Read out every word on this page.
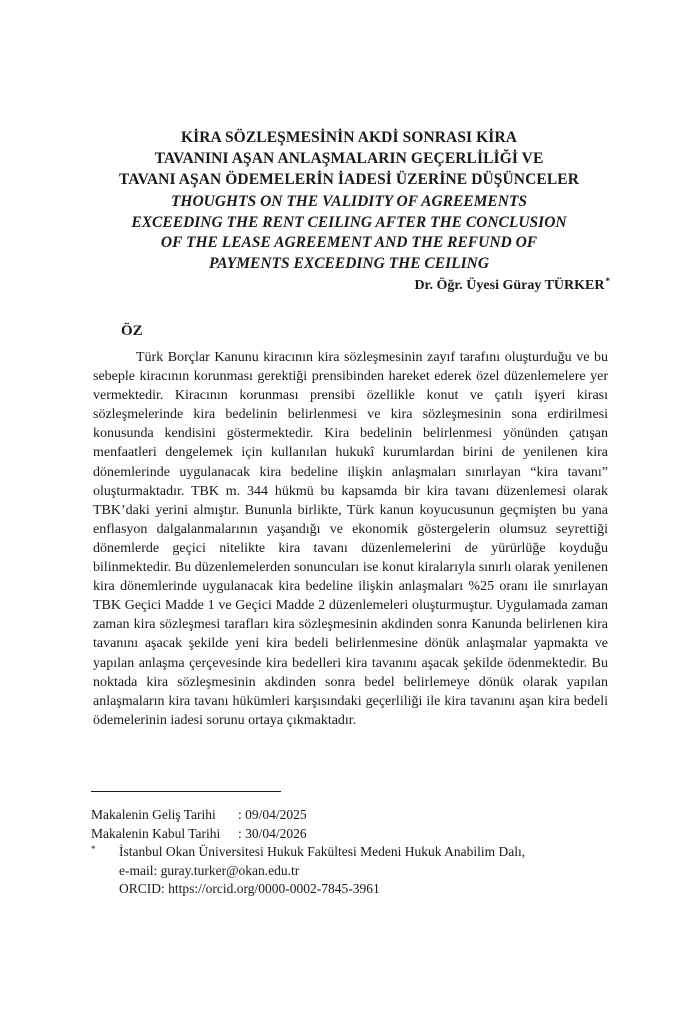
KİRA SÖZLEŞMESİNİN AKDİ SONRASI KİRA
TAVANINI AŞAN ANLAŞMALARIN GEÇERLİLİĞİ VE
TAVANI AŞAN ÖDEMELERİN İADESİ ÜZERİNE DÜŞÜNCELER
THOUGHTS ON THE VALIDITY OF AGREEMENTS
EXCEEDING THE RENT CEILING AFTER THE CONCLUSION
OF THE LEASE AGREEMENT AND THE REFUND OF
PAYMENTS EXCEEDING THE CEILING
Dr. Öğr. Üyesi Güray TÜRKER*
ÖZ

Türk Borçlar Kanunu kiracının kira sözleşmesinin zayıf tarafını oluşturduğu ve bu sebeple kiracının korunması gerektiği prensibinden hareket ederek özel düzenlemelere yer vermektedir. Kiracının korunması prensibi özellikle konut ve çatılı işyeri kirası sözleşmelerinde kira bedelinin belirlenmesi ve kira sözleşmesinin sona erdirilmesi konusunda kendisini göstermektedir. Kira bedelinin belirlenmesi yönünden çatışan menfaatleri dengelemek için kullanılan hukukî kurumlardan birini de yenilenen kira dönemlerinde uygulanacak kira bedeline ilişkin anlaşmaları sınırlayan “kira tavanı” oluşturmaktadır. TBK m. 344 hükmü bu kapsamda bir kira tavanı düzenlemesi olarak TBK’daki yerini almıştır. Bununla birlikte, Türk kanun koyucusunun geçmişten bu yana enflasyon dalgalanmalarının yaşandığı ve ekonomik göstergelerin olumsuz seyrettiği dönemlerde geçici nitelikte kira tavanı düzenlemelerini de yürürlüğe koyduğu bilinmektedir. Bu düzenlemelerden sonuncuları ise konut kiralarıyla sınırlı olarak yenilenen kira dönemlerinde uygulanacak kira bedeline ilişkin anlaşmaları %25 oranı ile sınırlayan TBK Geçici Madde 1 ve Geçici Madde 2 düzenlemeleri oluşturmuştur. Uygulamada zaman zaman kira sözleşmesi tarafları kira sözleşmesinin akdinden sonra Kanunda belirlenen kira tavanını aşacak şekilde yeni kira bedeli belirlenmesine dönük anlaşmalar yapmakta ve yapılan anlaşma çerçevesinde kira bedelleri kira tavanını aşacak şekilde ödenmektedir. Bu noktada kira sözleşmesinin akdinden sonra bedel belirlemeye dönük olarak yapılan anlaşmaların kira tavanı hükümleri karşısındaki geçerliliği ile kira tavanını aşan kira bedeli ödemelerinin iadesi sorunu ortaya çıkmaktadır.

Makalenin Geliş Tarihi	: 09/04/2025
Makalenin Kabul Tarihi	: 30/04/2026
* İstanbul Okan Üniversitesi Hukuk Fakültesi Medeni Hukuk Anabilim Dalı,
e-mail: guray.turker@okan.edu.tr
ORCID: https://orcid.org/0000-0002-7845-3961
